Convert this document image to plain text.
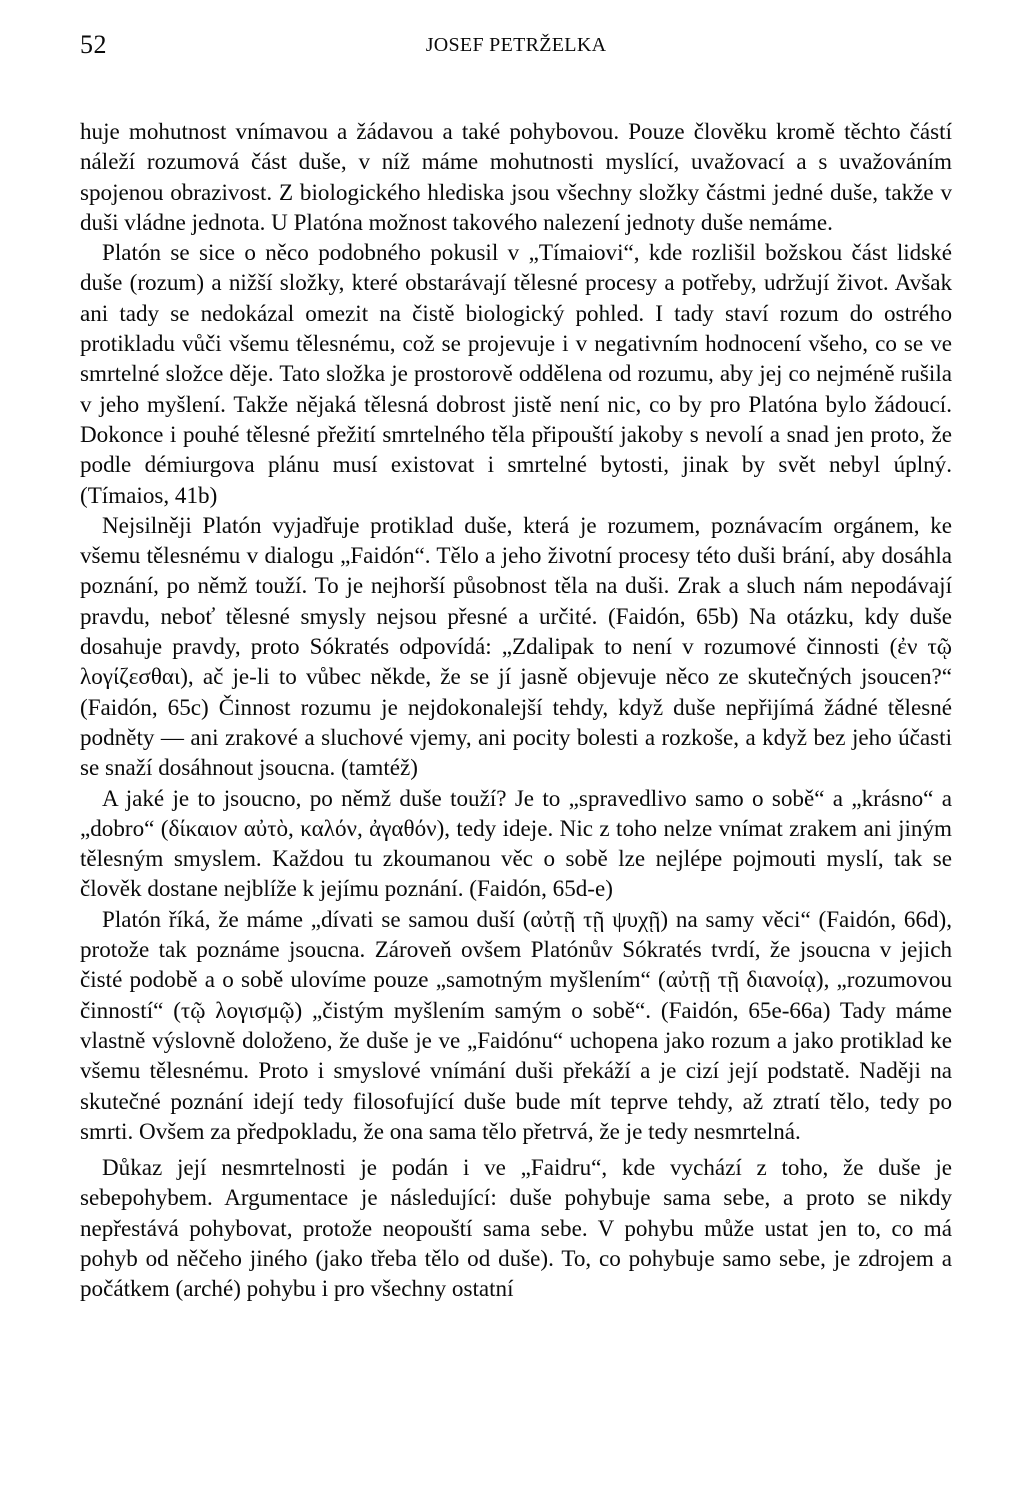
52	JOSEF PETRŽELKA

huje mohutnost vnímavou a žádavou a také pohybovou. Pouze člověku kromě těchto částí náleží rozumová část duše, v níž máme mohutnosti myslící, uvažovací a s uvažováním spojenou obrazivost. Z biologického hlediska jsou všechny složky částmi jedné duše, takže v duši vládne jednota. U Platóna možnost takového nalezení jednoty duše nemáme.

Platón se sice o něco podobného pokusil v „Tímaiovi“, kde rozlišil božskou část lidské duše (rozum) a nižší složky, které obstarávají tělesné procesy a potřeby, udržují život. Avšak ani tady se nedokázal omezit na čistě biologický pohled. I tady staví rozum do ostrého protikladu vůči všemu tělesnému, což se projevuje i v negativním hodnocení všeho, co se ve smrtelné složce děje. Tato složka je prostorově oddělena od rozumu, aby jej co nejméně rušila v jeho myšlení. Takže nějaká tělesná dobrost jistě není nic, co by pro Platóna bylo žádoucí. Dokonce i pouhé tělesné přežití smrtelného těla připouští jakoby s nevolí a snad jen proto, že podle démiurgova plánu musí existovat i smrtelné bytosti, jinak by svět nebyl úplný. (Tímaios, 41b)

Nejsilněji Platón vyjadřuje protiklad duše, která je rozumem, poznávacím orgánem, ke všemu tělesnému v dialogu „Faidón“. Tělo a jeho životní procesy této duši brání, aby dosáhla poznání, po němž touží. To je nejhorší působnost těla na duši. Zrak a sluch nám nepodávají pravdu, neboť tělesné smysly nejsou přesné a určité. (Faidón, 65b) Na otázku, kdy duše dosahuje pravdy, proto Sókratés odpovídá: „Zdalipak to není v rozumové činnosti (ἐν τῷ λογίζεσθαι), ač je-li to vůbec někde, že se jí jasně objevuje něco ze skutečných jsoucen?“ (Faidón, 65c) Činnost rozumu je nejdokonalejší tehdy, když duše nepřijímá žádné tělesné podněty — ani zrakové a sluchové vjemy, ani pocity bolesti a rozkoše, a když bez jeho účasti se snaží dosáhnout jsoucna. (tamtéž)

A jaké je to jsoucno, po němž duše touží? Je to „spravedlivo samo o sobě“ a „krásno“ a „dobro“ (δίκαιον αὐτὸ, καλόν, ἀγαθόν), tedy ideje. Nic z toho nelze vnímat zrakem ani jiným tělesným smyslem. Každou tu zkoumanou věc o sobě lze nejlépe pojmouti myslí, tak se člověk dostane nejblíže k jejímu poznání. (Faidón, 65d-e)

Platón říká, že máme „dívati se samou duší (αὐτῇ τῇ ψυχῇ) na samy věci“ (Faidón, 66d), protože tak poznáme jsoucna. Zároveň ovšem Platónův Sókratés tvrdí, že jsoucna v jejich čisté podobě a o sobě ulovíme pouze „samotným myšlením“ (αὐτῇ τῇ διανοίᾳ), „rozumovou činností“ (τῷ λογισμῷ) „čistým myšlením samým o sobě“. (Faidón, 65e-66a) Tady máme vlastně výslovně doloženo, že duše je ve „Faidónu“ uchopena jako rozum a jako protiklad ke všemu tělesnému. Proto i smyslové vnímání duši překáží a je cizí její podstatě. Naději na skutečné poznání idejí tedy filosofující duše bude mít teprve tehdy, až ztratí tělo, tedy po smrti. Ovšem za předpokladu, že ona sama tělo přetrvá, že je tedy nesmrtelná.

Důkaz její nesmrtelnosti je podán i ve „Faidru“, kde vychází z toho, že duše je sebepohybem. Argumentace je následující: duše pohybuje sama sebe, a proto se nikdy nepřestává pohybovat, protože neopouští sama sebe. V pohybu může ustat jen to, co má pohyb od něčeho jiného (jako třeba tělo od duše). To, co pohybuje samo sebe, je zdrojem a počátkem (arché) pohybu i pro všechny ostatní
